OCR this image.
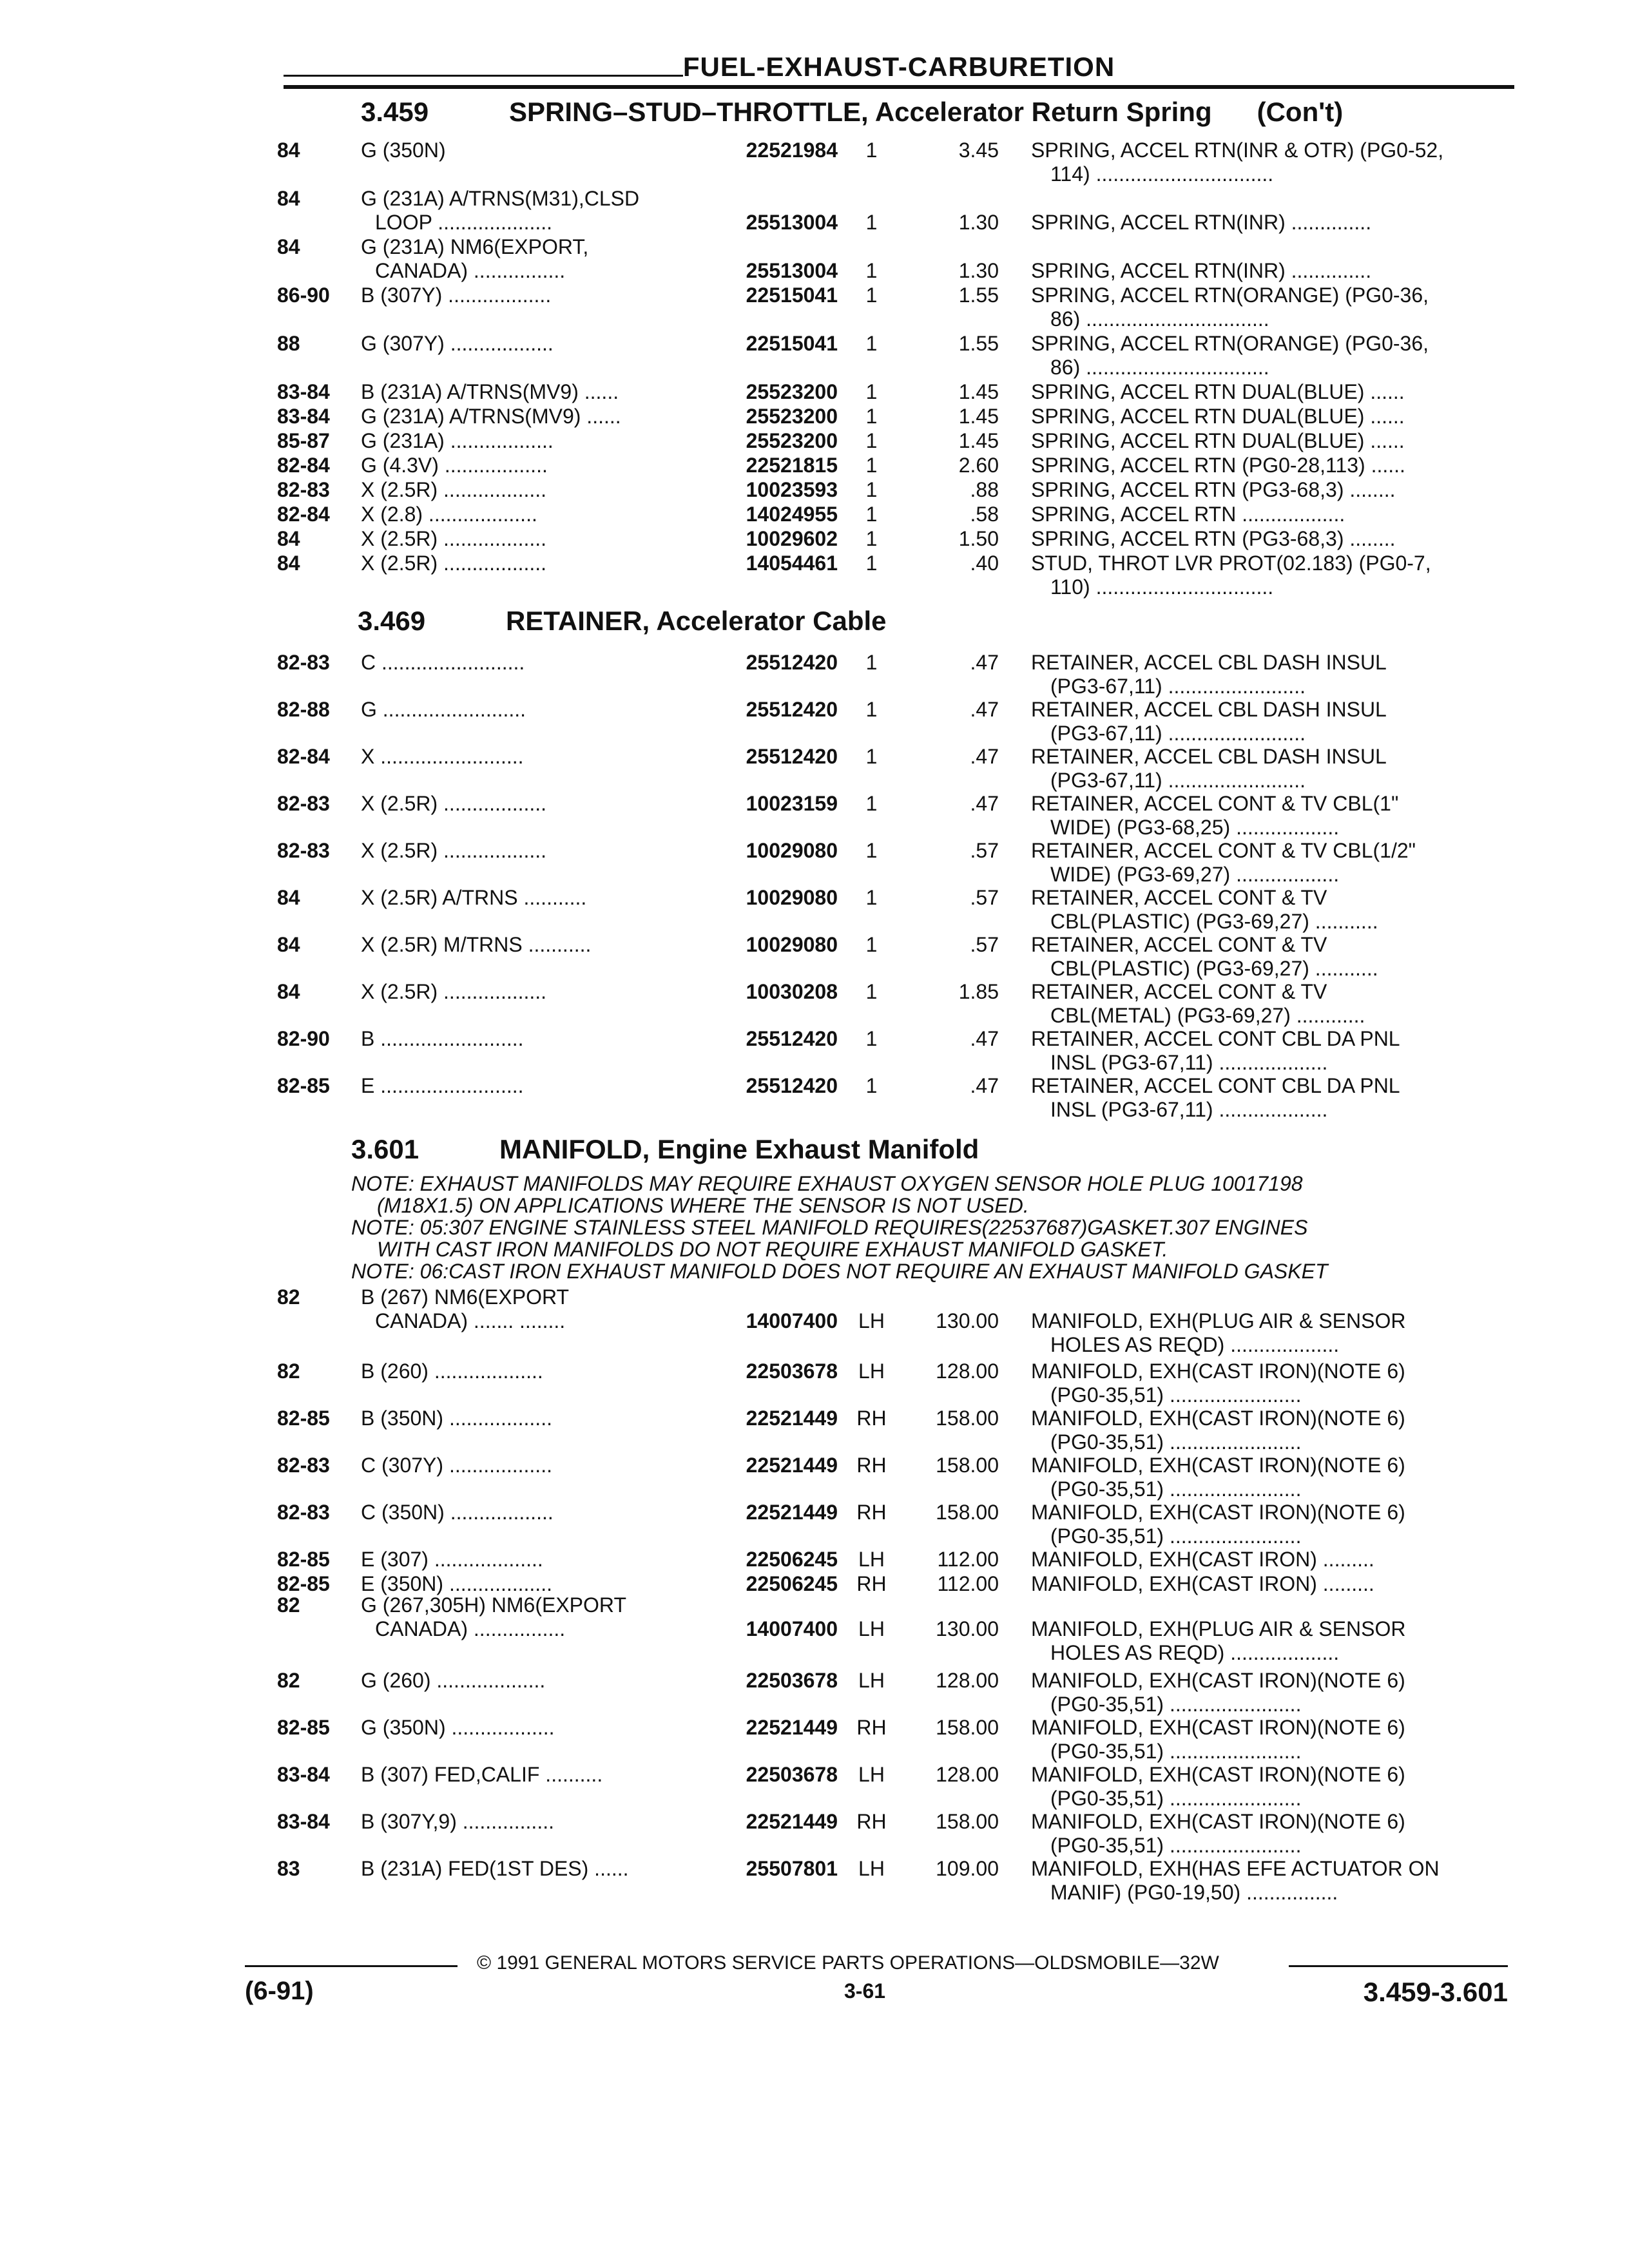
FUEL-EXHAUST-CARBURETION
3.459	SPRING–STUD–THROTTLE, Accelerator Return Spring (Con't)
84	G (350N)	22521984	1	3.45 SPRING, ACCEL RTN(INR & OTR) (PG0-52,
114) ...............................
84	G (231A) A/TRNS(M31),CLSD
LOOP ....................	25513004	1	1.30 SPRING, ACCEL RTN(INR) ..............
84	G (231A) NM6(EXPORT,
CANADA) ................	25513004	1	1.30 SPRING, ACCEL RTN(INR) ..............
86-90 B (307Y) ..................	22515041	1	1.55 SPRING, ACCEL RTN(ORANGE) (PG0-36,
86) ................................
88	G (307Y) ..................	22515041	1	1.55 SPRING, ACCEL RTN(ORANGE) (PG0-36,
86) ................................
83-84 B (231A) A/TRNS(MV9) ......	25523200	1	1.45 SPRING, ACCEL RTN DUAL(BLUE) ......
83-84 G (231A) A/TRNS(MV9) ......	25523200	1	1.45 SPRING, ACCEL RTN DUAL(BLUE) ......
85-87 G (231A) ..................	25523200	1	1.45 SPRING, ACCEL RTN DUAL(BLUE) ......
82-84 G (4.3V) ..................	22521815	1	2.60 SPRING, ACCEL RTN (PG0-28,113) ......
82-83 X (2.5R) ..................	10023593	1	.88 SPRING, ACCEL RTN (PG3-68,3) ........
82-84 X (2.8) ...................	14024955	1	.58 SPRING, ACCEL RTN ..................
84	X (2.5R) ..................	10029602	1	1.50 SPRING, ACCEL RTN (PG3-68,3) ........
84	X (2.5R) ..................	14054461	1	.40 STUD, THROT LVR PROT(02.183) (PG0-7,
110) ...............................
3.469	RETAINER, Accelerator Cable
82-83 C .........................	25512420	1	.47 RETAINER, ACCEL CBL DASH INSUL
(PG3-67,11) ........................
82-88 G .........................	25512420	1	.47 RETAINER, ACCEL CBL DASH INSUL
(PG3-67,11) ........................
82-84 X .........................	25512420	1	.47 RETAINER, ACCEL CBL DASH INSUL
(PG3-67,11) ........................
82-83 X (2.5R) ..................	10023159	1	.47 RETAINER, ACCEL CONT & TV CBL(1"
WIDE) (PG3-68,25) ..................
82-83 X (2.5R) ..................	10029080	1	.57 RETAINER, ACCEL CONT & TV CBL(1/2"
WIDE) (PG3-69,27) ..................
84	X (2.5R) A/TRNS ...........	10029080	1	.57 RETAINER, ACCEL CONT & TV
CBL(PLASTIC) (PG3-69,27) ...........
84	X (2.5R) M/TRNS ...........	10029080	1	.57 RETAINER, ACCEL CONT & TV
CBL(PLASTIC) (PG3-69,27) ...........
84	X (2.5R) ..................	10030208	1	1.85 RETAINER, ACCEL CONT & TV
CBL(METAL) (PG3-69,27) ............
82-90 B .........................	25512420	1	.47 RETAINER, ACCEL CONT CBL DA PNL
INSL (PG3-67,11) ...................
82-85 E .........................	25512420	1	.47 RETAINER, ACCEL CONT CBL DA PNL
INSL (PG3-67,11) ...................
3.601	MANIFOLD, Engine Exhaust Manifold
NOTE: EXHAUST MANIFOLDS MAY REQUIRE EXHAUST OXYGEN SENSOR HOLE PLUG 10017198
(M18X1.5) ON APPLICATIONS WHERE THE SENSOR IS NOT USED.
NOTE: 05:307 ENGINE STAINLESS STEEL MANIFOLD REQUIRES(22537687)GASKET.307 ENGINES
WITH CAST IRON MANIFOLDS DO NOT REQUIRE EXHAUST MANIFOLD GASKET.
NOTE: 06:CAST IRON EXHAUST MANIFOLD DOES NOT REQUIRE AN EXHAUST MANIFOLD GASKET
82	B (267) NM6(EXPORT
CANADA) ....... ........	14007400	LH	130.00 MANIFOLD, EXH(PLUG AIR & SENSOR
HOLES AS REQD) ...................
82	B (260) ...................	22503678	LH	128.00 MANIFOLD, EXH(CAST IRON)(NOTE 6)
(PG0-35,51) .......................
82-85 B (350N) ..................	22521449 RH	158.00 MANIFOLD, EXH(CAST IRON)(NOTE 6)
(PG0-35,51) .......................
82-83 C (307Y) ..................	22521449 RH	158.00 MANIFOLD, EXH(CAST IRON)(NOTE 6)
(PG0-35,51) .......................
82-83 C (350N) ..................	22521449 RH	158.00 MANIFOLD, EXH(CAST IRON)(NOTE 6)
(PG0-35,51) .......................
82-85 E (307) ...................	22506245	LH	112.00 MANIFOLD, EXH(CAST IRON) .........
82-85 E (350N) ..................	22506245 RH	112.00 MANIFOLD, EXH(CAST IRON) .........
82	G (267,305H) NM6(EXPORT
CANADA) ................	14007400	LH	130.00 MANIFOLD, EXH(PLUG AIR & SENSOR
HOLES AS REQD) ...................
82	G (260) ...................	22503678	LH	128.00 MANIFOLD, EXH(CAST IRON)(NOTE 6)
(PG0-35,51) .......................
82-85 G (350N) ..................	22521449 RH	158.00 MANIFOLD, EXH(CAST IRON)(NOTE 6)
(PG0-35,51) .......................
83-84 B (307) FED,CALIF ..........	22503678	LH	128.00 MANIFOLD, EXH(CAST IRON)(NOTE 6)
(PG0-35,51) .......................
83-84 B (307Y,9) ................	22521449 RH	158.00 MANIFOLD, EXH(CAST IRON)(NOTE 6)
(PG0-35,51) .......................
83	B (231A) FED(1ST DES) ......	25507801	LH	109.00 MANIFOLD, EXH(HAS EFE ACTUATOR ON
MANIF) (PG0-19,50) ................
© 1991 GENERAL MOTORS SERVICE PARTS OPERATIONS—OLDSMOBILE—32W
(6-91)	3-61	3.459-3.601
